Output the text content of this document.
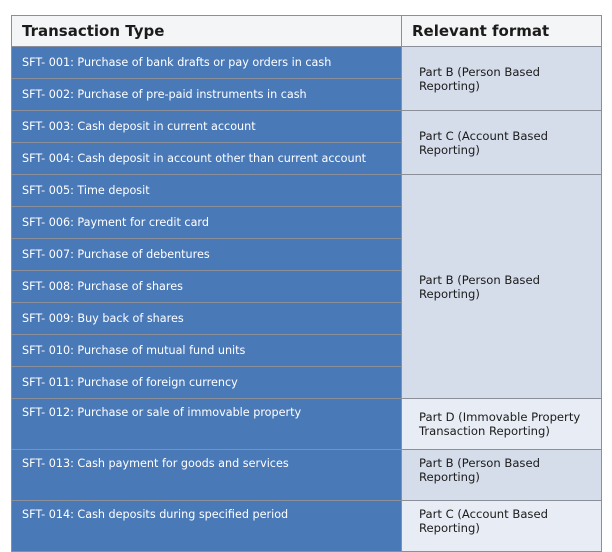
Transaction Type	Relevant format
SFT- 001: Purchase of bank drafts or pay orders in cash	Part B (Person Based Reporting)
SFT- 002: Purchase of pre-paid instruments in cash	
SFT- 003: Cash deposit in current account	Part C (Account Based Reporting)
SFT- 004: Cash deposit in account other than current account	
SFT- 005: Time deposit	Part B (Person Based Reporting)
SFT- 006: Payment for credit card	
SFT- 007: Purchase of debentures	
SFT- 008: Purchase of shares	
SFT- 009: Buy back of shares	
SFT- 010: Purchase of mutual fund units	
SFT- 011: Purchase of foreign currency	
SFT- 012: Purchase or sale of immovable property	Part D (Immovable Property Transaction Reporting)
SFT- 013: Cash payment for goods and services	Part B (Person Based Reporting)
SFT- 014: Cash deposits during specified period	Part C (Account Based Reporting)
